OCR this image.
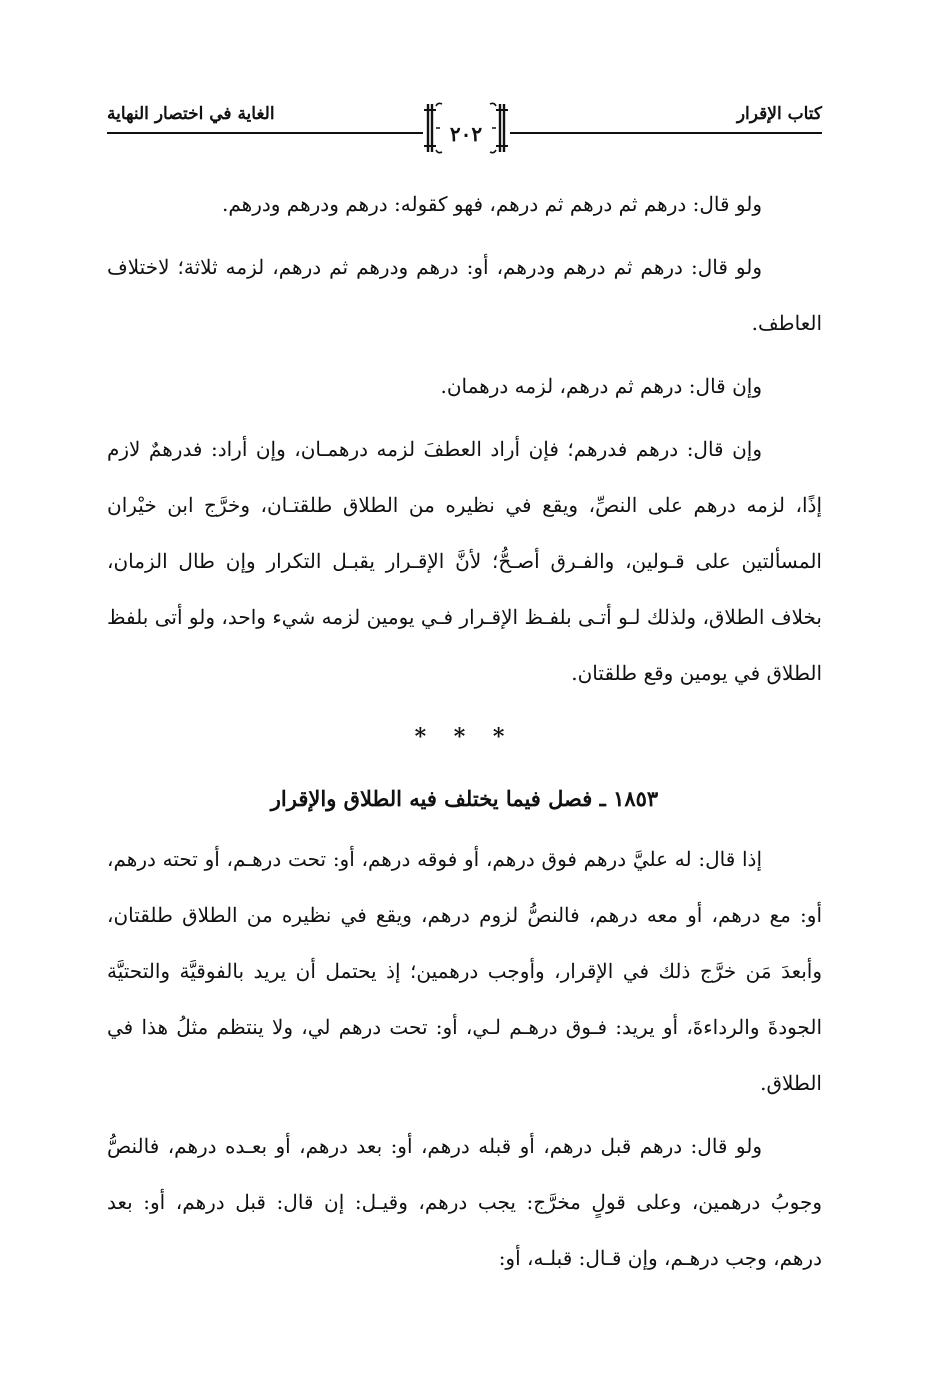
كتاب الإقرار
الغاية في اختصار النهاية
٢٠٢

ولو قال: درهم ثم درهم ثم درهم، فهو كقوله: درهم ودرهم ودرهم.

ولو قال: درهم ثم درهم ودرهم، أو: درهم ودرهم ثم درهم، لزمه ثلاثة؛ لاختلاف العاطف.

وإن قال: درهم ثم درهم، لزمه درهمان.

وإن قال: درهم فدرهم؛ فإن أراد العطفَ لزمه درهمـان، وإن أراد: فدرهمٌ لازم إذًا، لزمه درهم على النصِّ، ويقع في نظيره من الطلاق طلقتـان، وخرَّج ابن خيْران المسألتين على قـولين، والفـرق أصـحُّ؛ لأنَّ الإقـرار يقبـل التكرار وإن طال الزمان، بخلاف الطلاق، ولذلك لـو أتـى بلفـظ الإقـرار فـي يومين لزمه شيء واحد، ولو أتى بلفظ الطلاق في يومين وقع طلقتان.

* * *
١٨٥٣ ـ فصل فيما يختلف فيه الطلاق والإقرار

إذا قال: له عليَّ درهم فوق درهم، أو فوقه درهم، أو: تحت درهـم، أو تحته درهم، أو: مع درهم، أو معه درهم، فالنصُّ لزوم درهم، ويقع في نظيره من الطلاق طلقتان، وأبعدَ مَن خرَّج ذلك في الإقرار، وأوجب درهمين؛ إذ يحتمل أن يريد بالفوقيَّة والتحتيَّة الجودةَ والرداءةَ، أو يريد: فـوق درهـم لـي، أو: تحت درهم لي، ولا ينتظم مثلُ هذا في الطلاق.

ولو قال: درهم قبل درهم، أو قبله درهم، أو: بعد درهم، أو بعـده درهم، فالنصُّ وجوبُ درهمين، وعلى قولٍ مخرَّج: يجب درهم، وقيـل: إن قال: قبل درهم، أو: بعد درهم، وجب درهـم، وإن قـال: قبلـه، أو:
